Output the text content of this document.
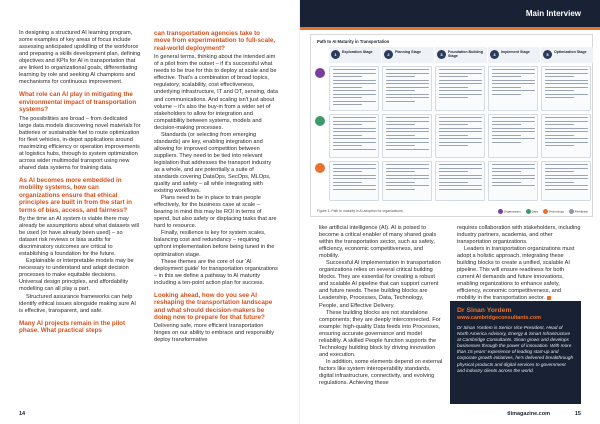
In designing a structured AI learning program, some examples of key areas of focus include assessing anticipated upskilling of the workforce and preparing a skills development plan, defining objectives and KPIs for AI in transportation that are linked to organizational goals, differentiating learning by role and seeking AI champions and mechanisms for continuous improvement.

What role can AI play in mitigating the environmental impact of transportation systems?

The possibilities are broad – from dedicated large data models discovering novel materials for batteries or sustainable fuel to route optimization for fleet vehicles, in-depot applications around maximizing efficiency or operation improvements at logistics hubs, through to system optimization across wider multimodal transport using new shared data systems for training data.

As AI becomes more embedded in mobility systems, how can organizations ensure that ethical principles are built in from the start in terms of bias, access, and fairness?

By the time an AI system is viable there may already be assumptions about what datasets will be used (or have already been used) – so dataset risk reviews or bias audits for discriminatory outcomes are critical to establishing a foundation for the future.

Explainable or interpretable models may be necessary to understand and adapt decision processes to make equitable decisions. Universal design principles, and affordability modelling can all play a part.

Structured assurance frameworks can help identify ethical issues alongside making sure AI is effective, transparent, and safe.

Many AI projects remain in the pilot phase. What practical steps
can transportation agencies take to move from experimentation to full-scale, real-world deployment?

In general terms, thinking about the intended aim of a pilot from the outset – if it's successful what needs to be true for this to deploy at scale and be effective. That's a combination of broad topics, regulatory, scalability, cost effectiveness, underlying infrastructure, IT and OT, sensing, data and communications. And scaling isn't just about volume – it's also the buy-in from a wider set of stakeholders to allow for integration and compatibility between systems, models and decision-making processes.

Standards (or selecting from emerging standards) are key, enabling integration and allowing for improved competition between suppliers. They need to be tied into relevant legislation that addresses the transport industry as a whole, and are potentially a suite of standards covering DataOps, SecOps, MLOps, quality and safety – all while integrating with existing workflows.

Plans need to be in place to train people effectively, for the business case at scale – bearing in mind this may be ROI in terms of spend, but also safety or displacing tasks that are hard to resource.

Finally, resilience is key for system scales, balancing cost and redundancy – requiring upfront implementation before being tuned in the optimization stage.

These themes are the core of our 'AI deployment guide' for transportation organizations – in this we define a pathway to AI maturity including a ten-point action plan for success.

Looking ahead, how do you see AI reshaping the transportation landscape and what should decision-makers be doing now to prepare for that future?

Delivering safe, more efficient transportation hinges on our ability to embrace and responsibly deploy transformative

14
Main Interview
Path to AI Maturity in Transportation
1
Exploration Stage
2
Planning Stage
3
Foundation Building Stage	4
Implement Stage
5
Optimization Stage
Figure 1: Path to maturity in AI adoption for organizations.	Organisation	Data	Technology	Feedback

like artificial intelligence (AI). AI is poised to become a critical enabler of many shared goals within the transportation sector, such as safety, efficiency, economic competitiveness, and mobility.

Successful AI implementation in transportation organizations relies on several critical building blocks. They are essential for creating a robust and scalable AI pipeline that can support current and future needs. These building blocks are Leadership, Processes, Data, Technology, People, and Effective Delivery.

These building blocks are not standalone components; they are deeply interconnected. For example: high-quality Data feeds into Processes, ensuring accurate governance and model reliability. A skilled People function supports the Technology building block by driving innovation and execution.

In addition, some elements depend on external factors like system interoperability standards, digital infrastructure, connectivity, and evolving regulations. Achieving these

requires collaboration with stakeholders, including industry partners, academia, and other transportation organizations.

Leaders in transportation organizations must adopt a holistic approach, integrating these building blocks to create a unified, scalable AI pipeline. This will ensure readiness for both current AI demands and future innovations, enabling organizations to enhance safety, efficiency, economic competitiveness, and mobility in the transportation sector.

Dr Sinan Yordem
www.cambridgeconsultants.com
Dr Sinan Yordem is Senior Vice President, Head of North America Advisory, Energy & Smart Infrastructure at Cambridge Consultants. Sinan grows and develops businesses through the power of innovation. With more than 15 years' experience of leading start-up and corporate growth initiatives, he's delivered breakthrough physical products and digital services to government and industry clients across the world.
tlimagazine.com	15
